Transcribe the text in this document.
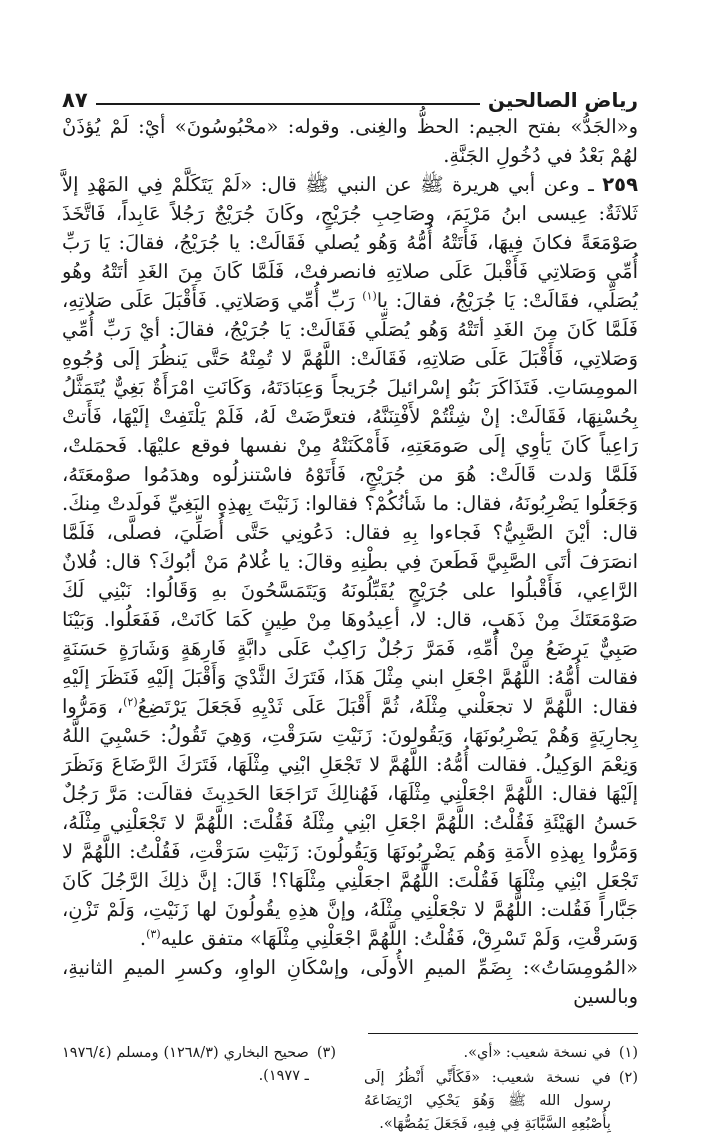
رياض الصالحين
٨٧

و«الجَدُّ» بفتح الجيم: الحظُّ والغِنى. وقوله: «محْبُوسُونَ» أيْ: لَمْ يُؤذَنْ لهُمْ بَعْدُ في دُخُولِ الجَنَّةِ.

٢٥٩ ـ وعن أبي هريرة ﷺ عن النبي ﷺ قال: «لَمْ يَتَكَلَّمْ فِي المَهْدِ إلاَّ ثَلاثَةٌ: عِيسى ابنُ مَرْيَمَ، وصَاحِبِ جُرَيْجٍ، وكَانَ جُرَيْجٌ رَجُلاً عَابِداً، فَاتَّخَذَ صَوْمَعَةً فكانَ فِيهَا، فَأَتَتْهُ أُمُّهُ وَهُو يُصلي فَقَالَتْ: يا جُرَيْجُ، فقالَ: يَا رَبِّ أُمِّي وَصَلاتِي فَأَقْبلَ عَلَى صلاتِهِ فانصرفتْ، فَلَمَّا كَانَ مِنَ الغَدِ أتَتْهُ وهُو يُصَلِّي، فقَالَتْ: يَا جُرَيْجُ، فقالَ: يا$^{(١)}$ رَبِّ أُمِّي وَصَلاتِي. فَأَقْبَلَ عَلَى صَلاتِهِ، فَلَمَّا كَانَ مِنَ الغَدِ أتَتْهُ وَهُو يُصَلِّي فَقَالَتْ: يَا جُرَيْجُ، فقالَ: أيْ رَبِّ أُمِّي وَصَلاتِي، فَأَقْبَلَ عَلَى صَلاتِهِ، فَقَالَتْ: اللَّهُمَّ لا تُمِتْهُ حَتَّى يَنظُرَ إلَى وُجُوهِ المومِسَاتِ. فَتَذَاكَرَ بَنُو إسْرائيلَ جُرَيجاً وَعِبَادَتَهُ، وَكَانَتِ امْرَأَةٌ بَغِيٌّ يُتَمَثَّلُ بِحُسْنِهَا، فَقَالَتْ: إنْ شِئْتُمْ لأَفْتِنَنَّهُ، فتعرَّضَتْ لَهُ، فَلَمْ يَلْتَفِتْ إلَيْهَا، فَأَتتْ رَاعِياً كَانَ يَأوِي إلَى صَومَعَتِهِ، فَأَمْكَنَتْهُ مِنْ نفسها فوقع عليْهَا. فَحمَلتْ، فَلَمَّا وَلدت قَالَتْ: هُوَ من جُرَيْجٍ، فَأَتَوْهُ فاسْتنزلُوه وهدَمُوا صوْمعَتَهُ، وَجَعَلُوا يَضْرِبُونَهُ، فقال: ما شَأنُكُمْ؟ فقالوا: زَنَيْتَ بِهذِهِ البَغِيِّ فَولَدتْ مِنكَ. قال: أيْنَ الصَّبِيُّ؟ فَجاءوا بِهِ فقال: دَعُونِي حَتَّى أُصَلِّيَ، فصلَّى، فَلَمَّا انصَرَفَ أتَى الصَّبِيَّ فَطَعنَ فِي بطْنِهِ وقالَ: يا غُلامُ مَنْ أبُوكَ؟ قال: فُلانٌ الرَّاعِي، فَأَقْبلُوا على جُرَيْجٍ يُقَبِّلُونَهُ وَيَتَمَسَّحُونَ بهِ وَقَالُوا: نَبْنِي لَكَ صَوْمَعَتَكَ مِنْ ذَهَبٍ، قال: لا، أعِيدُوهَا مِنْ طِينٍ كَمَا كَانَتْ، فَفَعَلُوا. وَبَيْنَا صَبِيٌّ يَرضَعُ مِنْ أُمِّهِ، فَمَرَّ رَجُلٌ رَاكِبٌ عَلَى دابَّةٍ فَارِهَةٍ وَشَارَةٍ حَسَنَةٍ فقالت أُمُّهُ: اللَّهُمَّ اجْعَلِ ابني مِثْلَ هَذَا، فَتَرَكَ الثَّدْيَ وَأَقْبَلَ إلَيْهِ فَنَظَرَ إلَيْهِ فقال: اللَّهُمَّ لا تجعَلْني مِثْلَهُ، ثُمَّ أَقْبَلَ عَلَى ثَدْيِهِ فَجَعَلَ يَرْتَضِعُ$^{(٢)}$، وَمَرُّوا بِجارِيَةٍ وَهُمْ يَضْرِبُونَهَا، وَيَقُولونَ: زَنَيْتِ سَرَقْتِ، وَهِيَ تَقُولُ: حَسْبِيَ اللَّهُ وَنِعْمَ الوَكِيلُ. فقالت أُمُّهُ: اللَّهُمَّ لا تَجْعَلِ ابْنِي مِثْلَهَا، فَتَرَكَ الرَّضَاعَ وَنَظَرَ إلَيْهَا فقال: اللَّهُمَّ اجْعَلْنِي مِثْلَهَا، فَهُنالِكَ تَرَاجَعَا الحَدِيثَ فقالَت: مَرَّ رَجُلٌ حَسنُ الهَيْئَةِ فَقُلْتُ: اللَّهُمَّ اجْعَلِ ابْنِي مِثْلَهُ فَقُلْتَ: اللَّهُمَّ لا تَجْعَلْنِي مِثْلَهُ، وَمَرُّوا بِهذِهِ الأَمَةِ وَهُم يَضْرِبُونَهَا وَيَقُولُونَ: زَنَيْتِ سَرَقْتِ، فَقُلْتُ: اللَّهُمَّ لا تَجْعَلِ ابْنِي مِثْلَهَا فَقُلْتَ: اللَّهُمَّ اجعَلْنِي مِثْلَهَا؟! قَالَ: إنَّ ذلِكَ الرَّجُلَ كَانَ جَبَّاراً فَقُلت: اللَّهُمَّ لا تجْعَلْنِي مِثْلَهُ، وإنَّ هذِهِ يقُولُونَ لها زَنَيْتِ، وَلَمْ تَزْنِ، وَسَرقْتِ، وَلَمْ تَسْرِقْ، فَقُلْتُ: اللَّهُمَّ اجْعَلْنِي مِثْلَهَا» متفق عليه$^{(٣)}$.

«المُومِسَاتُ»: بِضَمِّ الميمِ الأُولَى، وإسْكَانِ الواوِ، وكسرِ الميمِ الثانيةِ، وبالسين

(١)
في نسخة شعيب: «أي».
(٢)
في نسخة شعيب: «فَكَأَنِّي أَنْظُرُ إلَى رسول الله ﷺ وَهُوَ يَحْكِي ارْتِضَاعَهُ بِأُصْبُعِهِ السَّبَّابَةِ فِي فِيهِ، فَجَعَلَ يَمُصُّهَا».
(٣)
صحيح البخاري (١٢٦٨/٣) ومسلم (١٩٧٦/٤ ـ ١٩٧٧).
